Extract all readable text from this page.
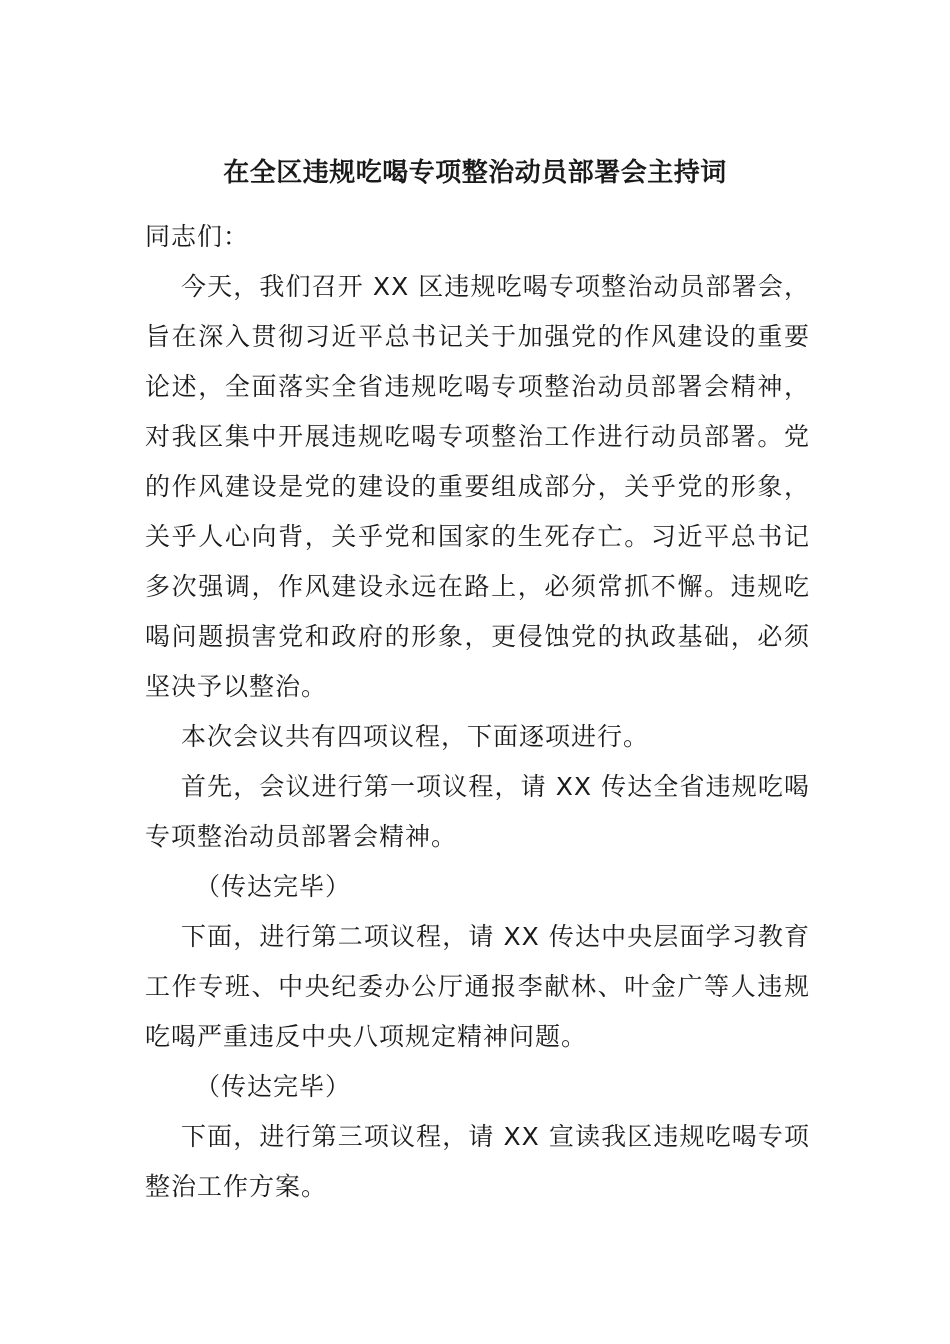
在全区违规吃喝专项整治动员部署会主持词

同志们：

今天，我们召开 XX 区违规吃喝专项整治动员部署会，旨在深入贯彻习近平总书记关于加强党的作风建设的重要论述，全面落实全省违规吃喝专项整治动员部署会精神，对我区集中开展违规吃喝专项整治工作进行动员部署。党的作风建设是党的建设的重要组成部分，关乎党的形象，关乎人心向背，关乎党和国家的生死存亡。习近平总书记多次强调，作风建设永远在路上，必须常抓不懈。违规吃喝问题损害党和政府的形象，更侵蚀党的执政基础，必须坚决予以整治。

本次会议共有四项议程，下面逐项进行。

首先，会议进行第一项议程，请 XX 传达全省违规吃喝专项整治动员部署会精神。

（传达完毕）

下面，进行第二项议程，请 XX 传达中央层面学习教育工作专班、中央纪委办公厅通报李献林、叶金广等人违规吃喝严重违反中央八项规定精神问题。

（传达完毕）

下面，进行第三项议程，请 XX 宣读我区违规吃喝专项整治工作方案。
